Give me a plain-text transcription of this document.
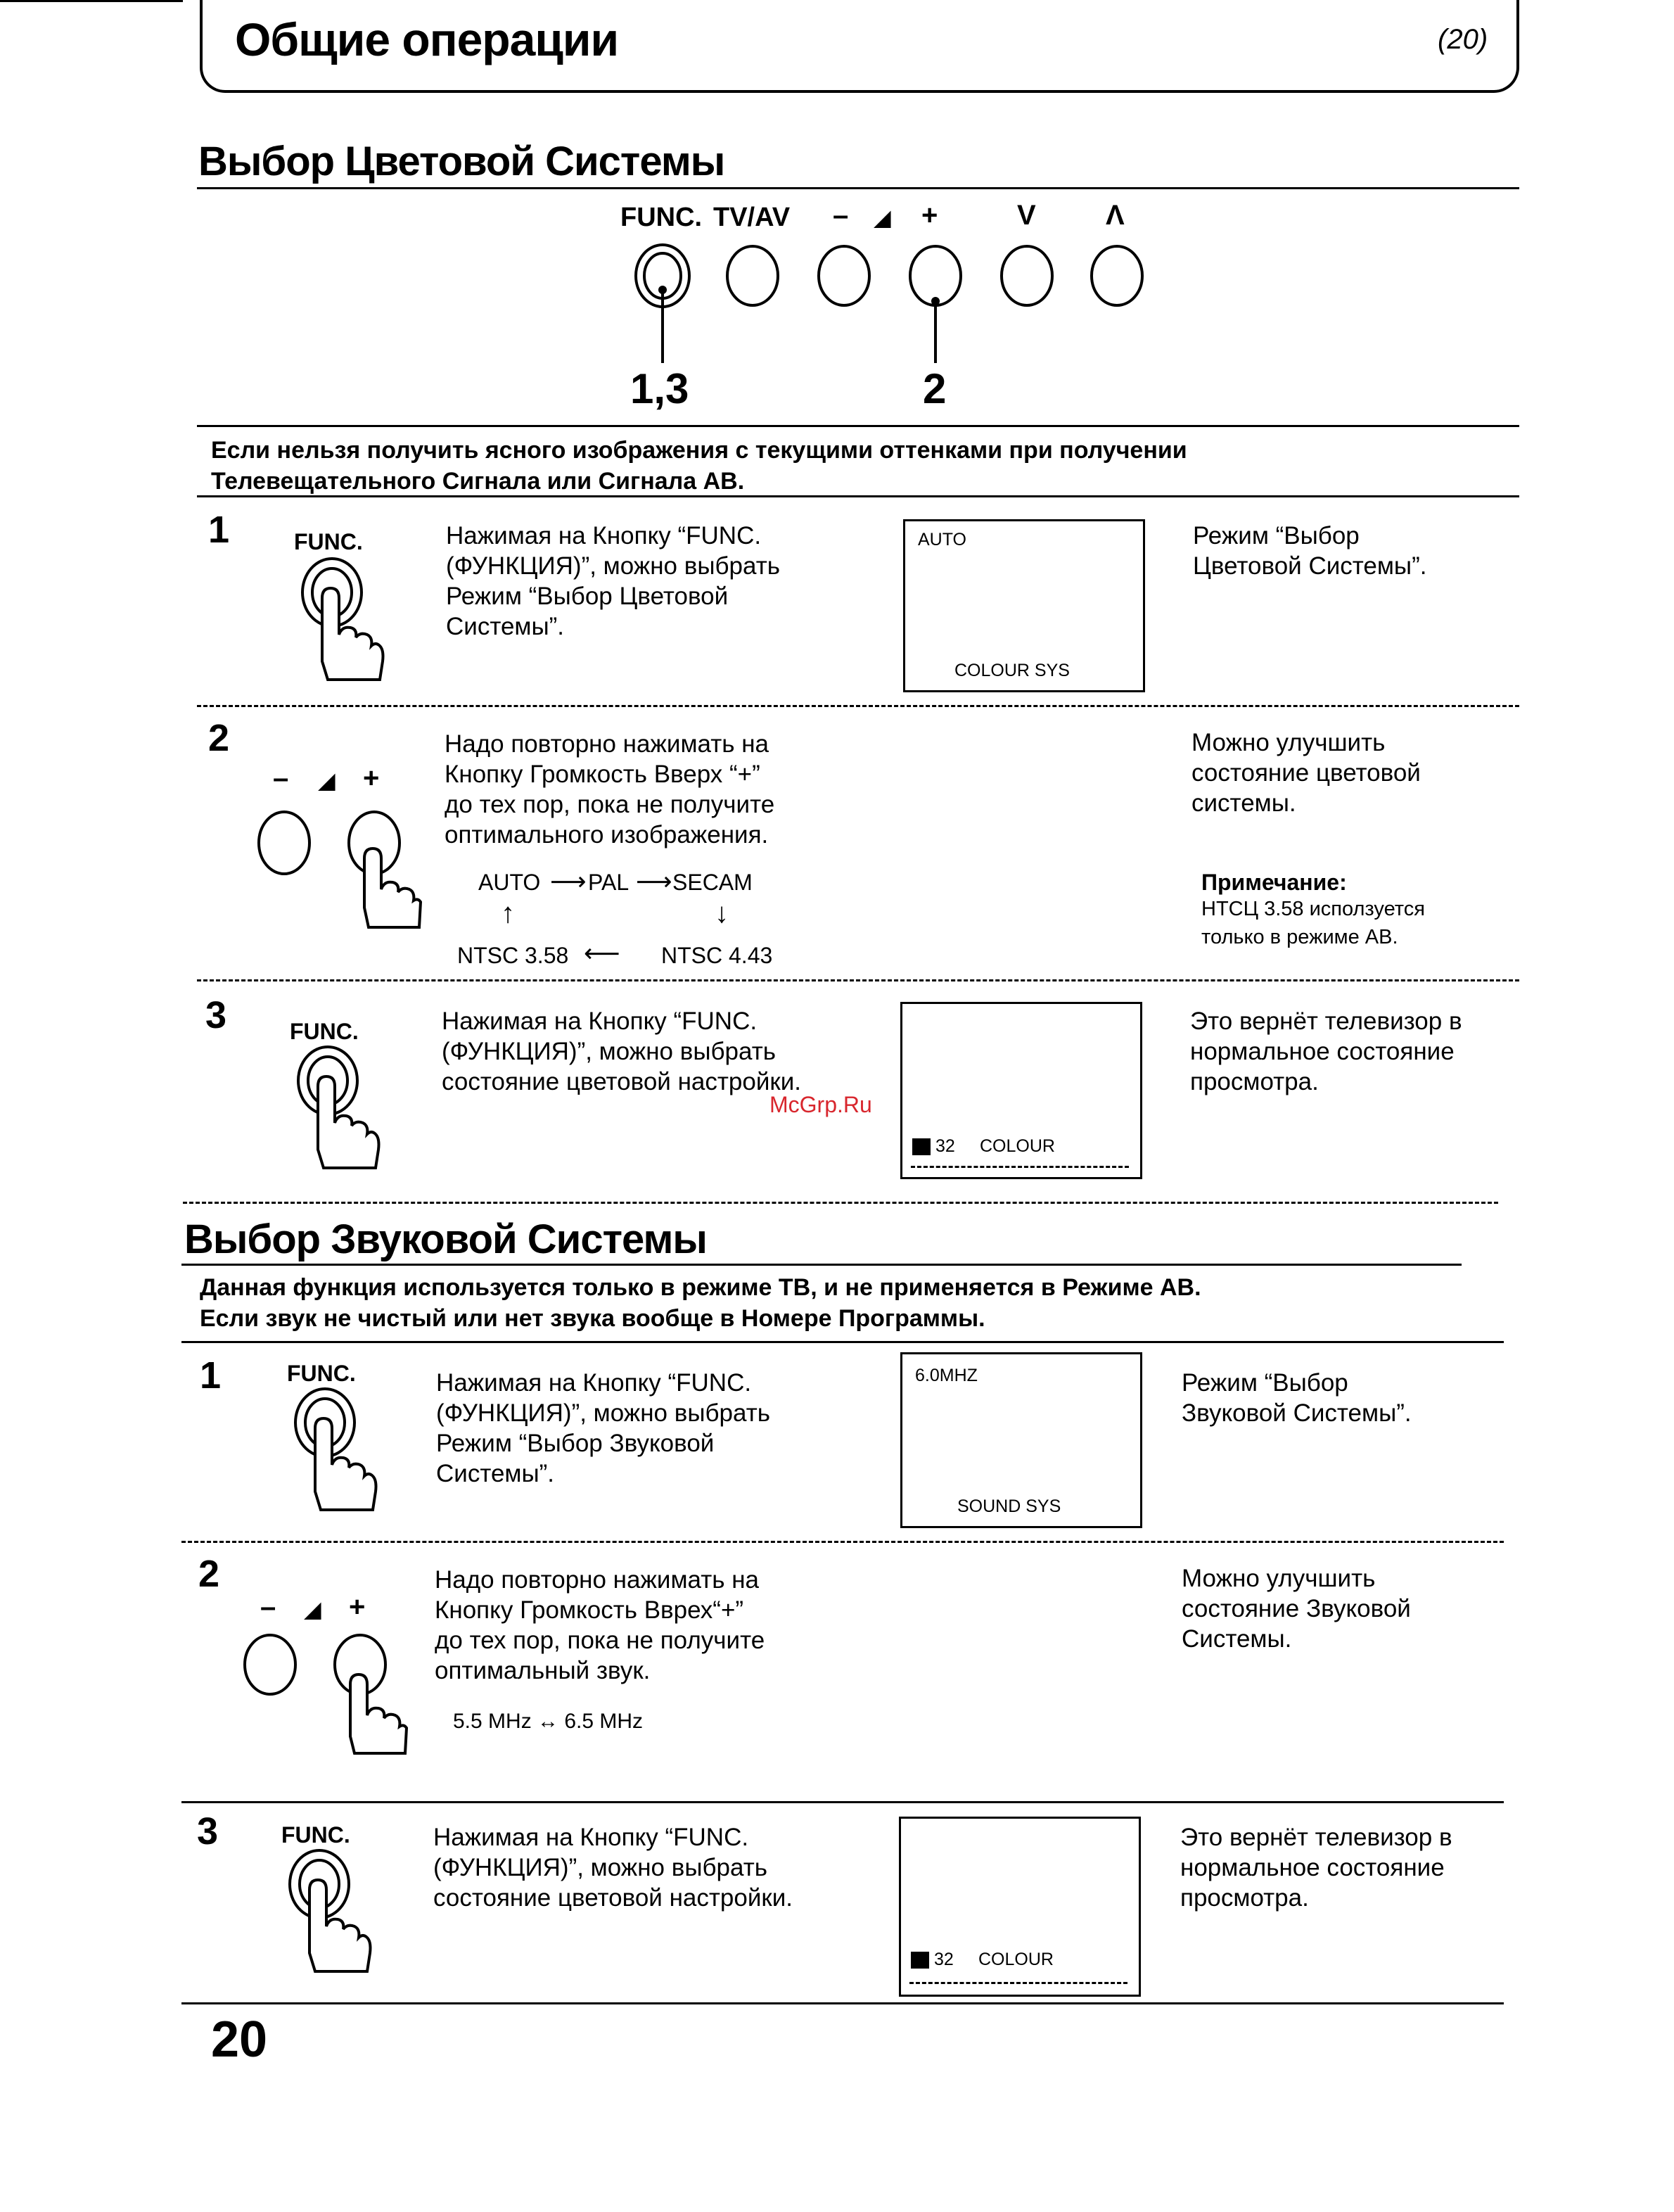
Общие операции	(20)
Выбор Цветовой Системы
FUNC. TV/AV – ◢ +	V Λ
1,3	2
Если нельзя получить ясного изображения с текущими оттенками при получении
Телевещательного Сигнала или Сигнала АВ.
1	FUNC.	Нажимая на Кнопку “FUNC.
(ФУНКЦИЯ)”, можно выбрать
Режим “Выбор Цветовой
Системы”.
AUTO
COLOUR SYS
Режим “Выбор
Цветовой Системы”.
2
– ◢ +
Надо повторно нажимать на
Кнопку Громкость Вверх “+”
до тех пор, пока не получите
оптимального изображения.
AUTO ⟶ PAL ⟶ SECAM
↑	↓
NTSC 3.58 ⟵ NTSC 4.43
Можно улучшить
состояние цветовой
системы.
Примечание:
НТСЦ 3.58 исползуется
только в режиме АВ.
3	FUNC.	Нажимая на Кнопку “FUNC.
(ФУНКЦИЯ)”, можно выбрать
состояние цветовой настройки.
32 COLOUR
Это вернёт телевизор в
нормальное состояние
просмотра.
McGrp.Ru
Выбор Звуковой Системы
Данная функция используется только в режиме ТВ, и не применяется в Режиме АВ.
Если звук не чистый или нет звука вообще в Номере Программы.
1	FUNC.	Нажимая на Кнопку “FUNC.
(ФУНКЦИЯ)”, можно выбрать
Режим “Выбор Звуковой
Системы”.
6.0MHZ
SOUND SYS
Режим “Выбор
Звуковой Системы”.
2
– ◢ +
Надо повторно нажимать на
Кнопку Громкость Вврех“+”
до тех пор, пока не получите
оптимальный звук.
5.5 MHz ↔ 6.5 MHz
Можно улучшить
состояние Звуковой
Системы.
3	FUNC.	Нажимая на Кнопку “FUNC.
(ФУНКЦИЯ)”, можно выбрать
состояние цветовой настройки.
32 COLOUR
Это вернёт телевизор в
нормальное состояние
просмотра.
20
